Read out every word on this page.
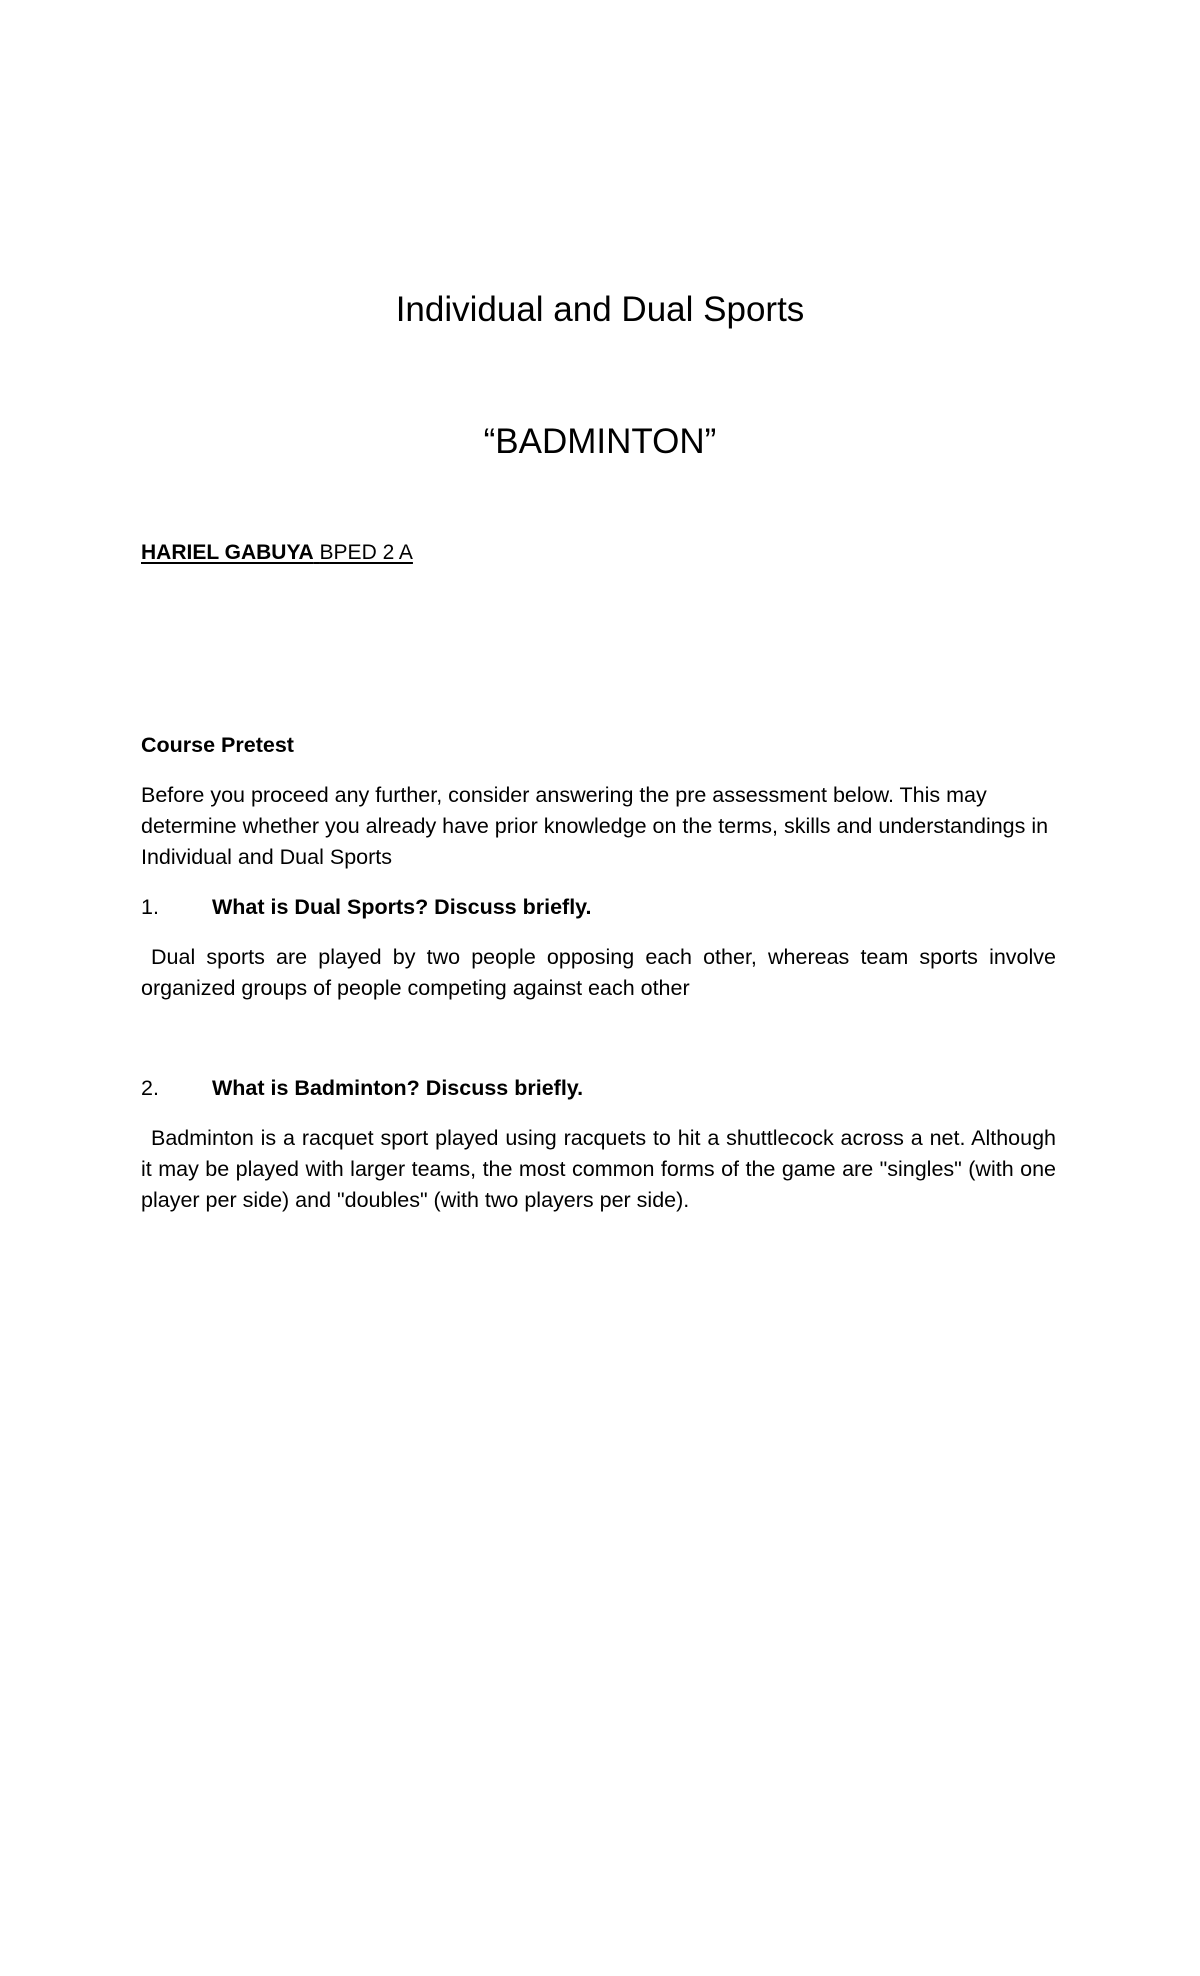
Individual and Dual Sports
“BADMINTON”
HARIEL GABUYA BPED 2 A

Course Pretest

Before you proceed any further, consider answering the pre assessment below. This may determine whether you already have prior knowledge on the terms, skills and understandings in Individual and Dual Sports

1.	What is Dual Sports? Discuss briefly.

Dual sports are played by two people opposing each other, whereas team sports involve organized groups of people competing against each other

2.	What is Badminton? Discuss briefly.

Badminton is a racquet sport played using racquets to hit a shuttlecock across a net. Although it may be played with larger teams, the most common forms of the game are "singles" (with one player per side) and "doubles" (with two players per side).
